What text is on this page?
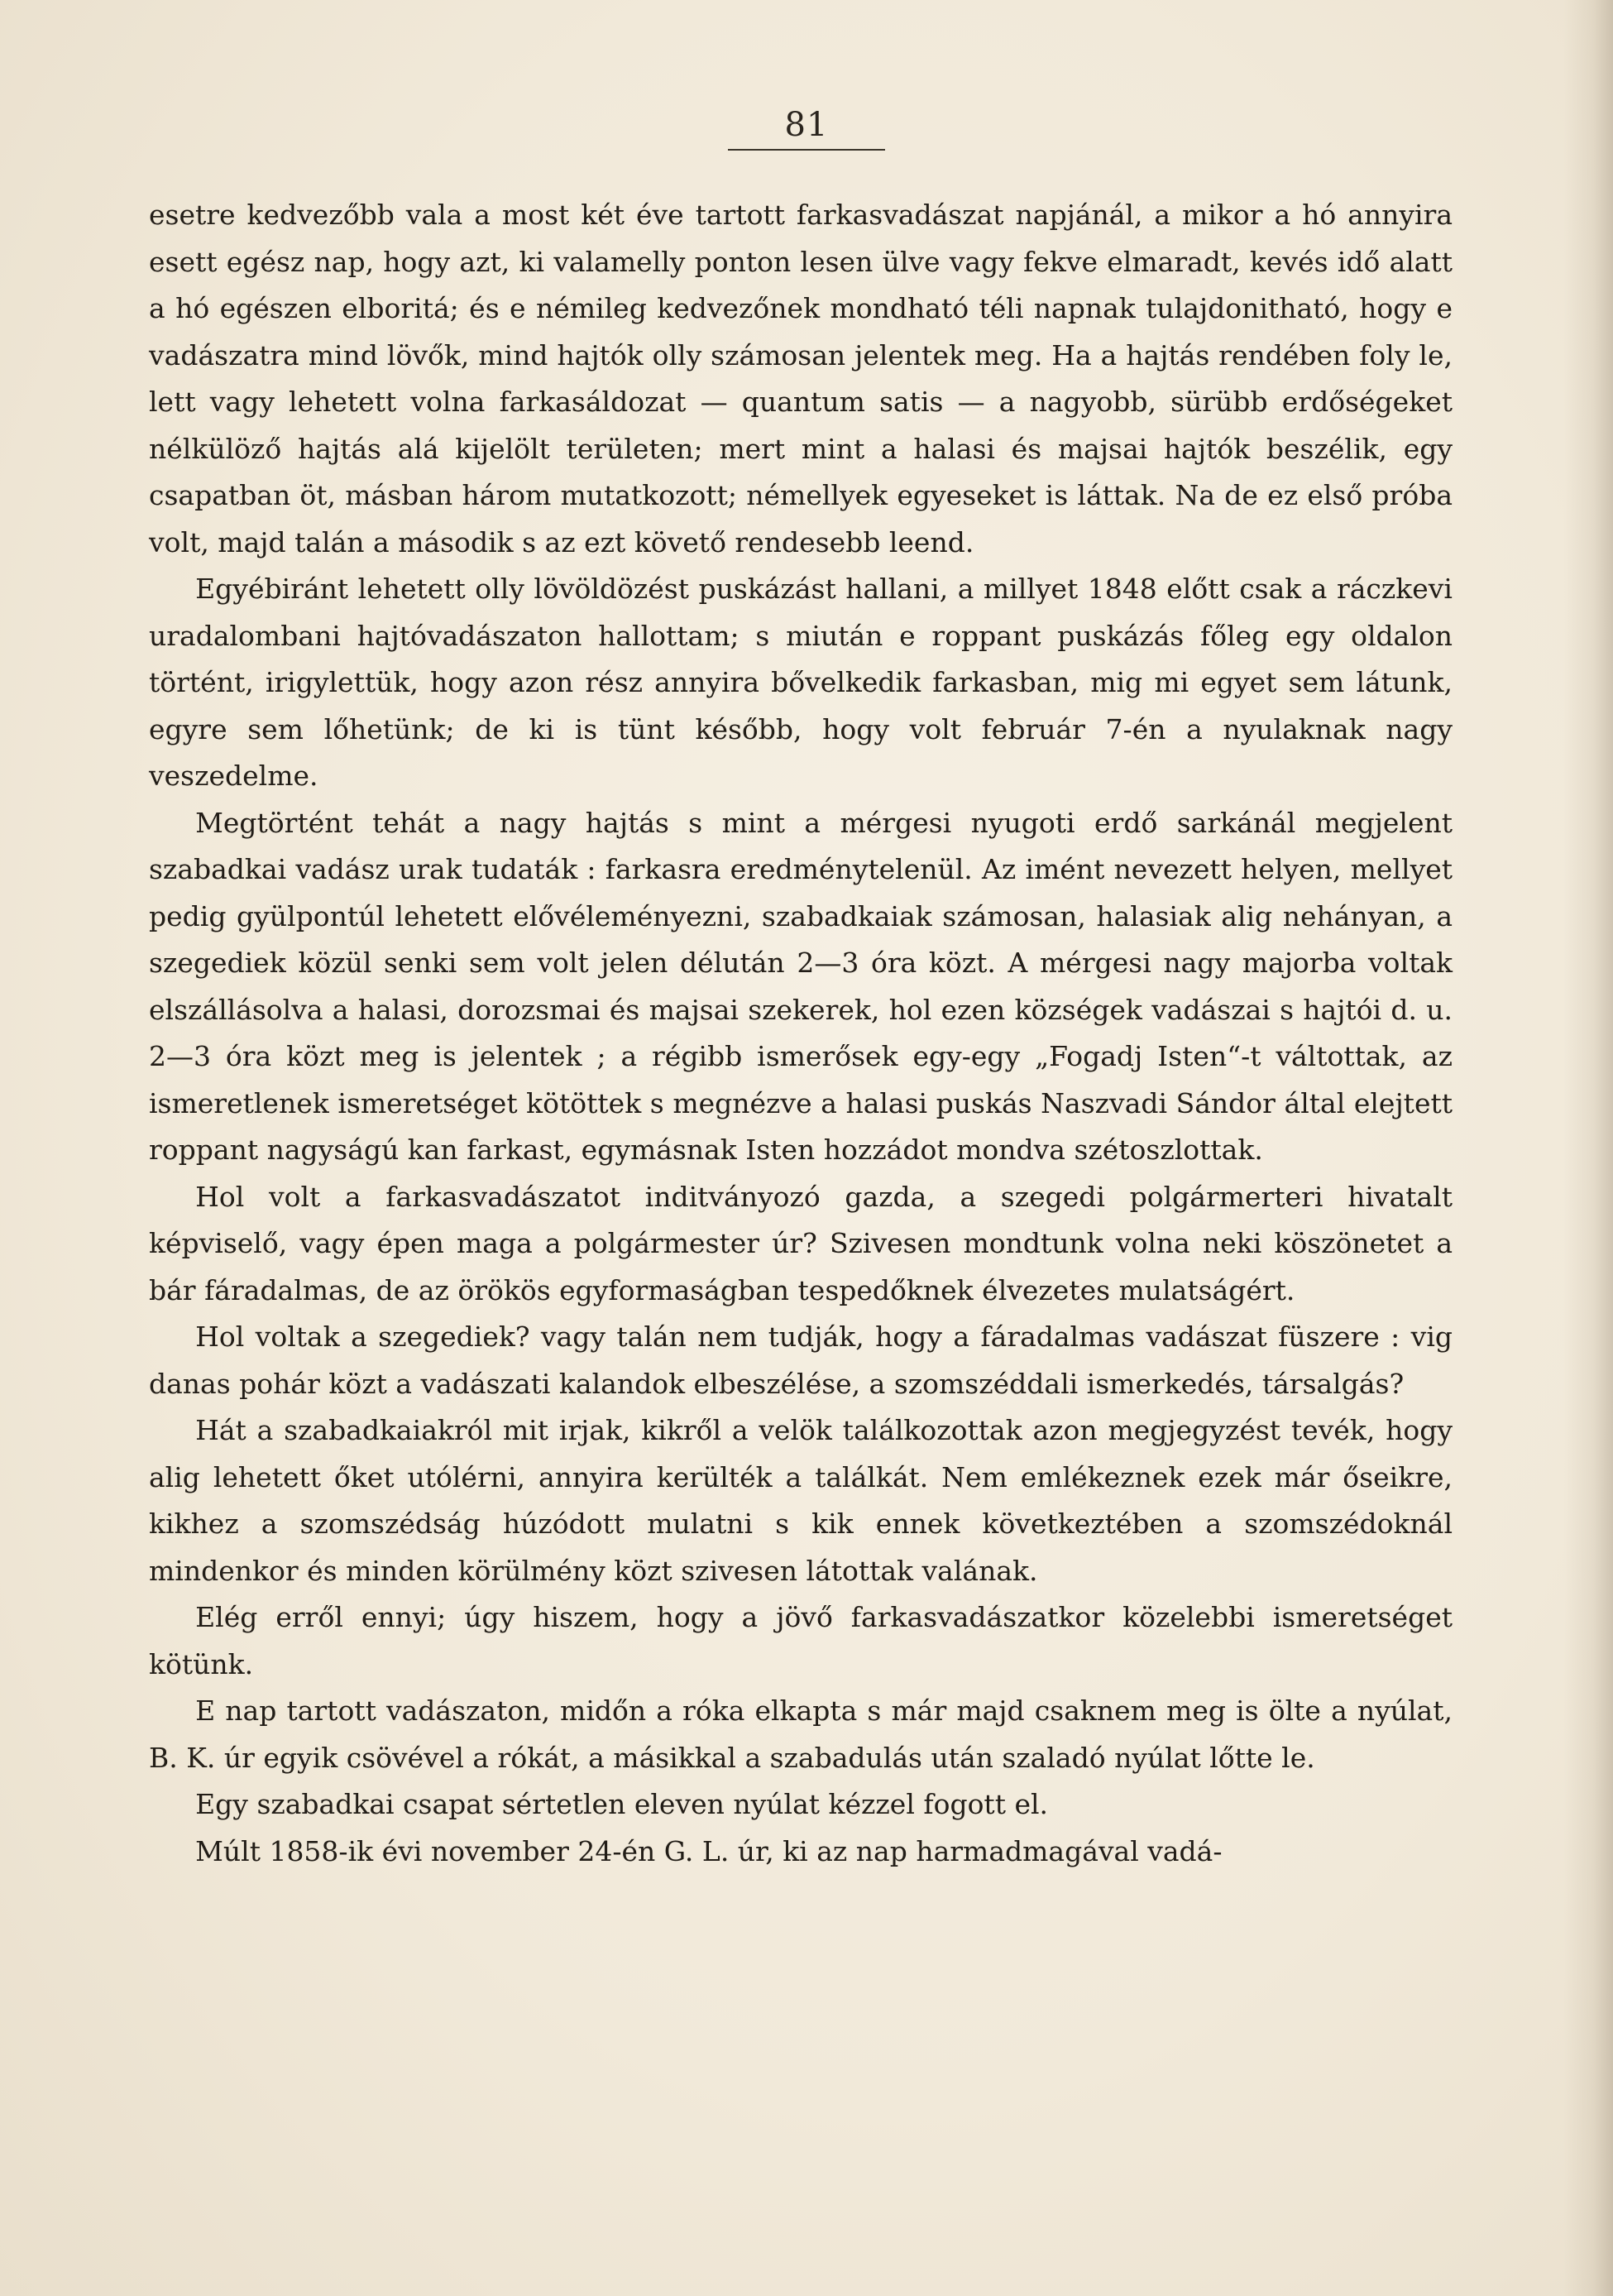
81

esetre kedvezőbb vala a most két éve tartott farkasvadászat napjánál, a mikor a hó annyira esett egész nap, hogy azt, ki valamelly ponton lesen ülve vagy fekve elmaradt, kevés idő alatt a hó egészen elboritá; és e némileg kedvezőnek mondható téli napnak tulajdonitható, hogy e vadászatra mind lövők, mind hajtók olly számosan jelentek meg. Ha a hajtás rendében foly le, lett vagy lehetett volna farkasáldozat — quantum satis — a nagyobb, sürübb erdőségeket nélkülöző hajtás alá kijelölt területen; mert mint a halasi és majsai hajtók beszélik, egy csapatban öt, másban három mutatkozott; némellyek egyeseket is láttak. Na de ez első próba volt, majd talán a második s az ezt követő rendesebb leend.

Egyébiránt lehetett olly lövöldözést puskázást hallani, a millyet 1848 előtt csak a ráczkevi uradalombani hajtóvadászaton hallottam; s miután e roppant puskázás főleg egy oldalon történt, irigylettük, hogy azon rész annyira bővelkedik farkasban, mig mi egyet sem látunk, egyre sem lőhetünk; de ki is tünt később, hogy volt február 7-én a nyulaknak nagy veszedelme.

Megtörtént tehát a nagy hajtás s mint a mérgesi nyugoti erdő sarkánál megjelent szabadkai vadász urak tudaták : farkasra eredménytelenül. Az imént nevezett helyen, mellyet pedig gyülpontúl lehetett elővéleményezni, szabadkaiak számosan, halasiak alig nehányan, a szegediek közül senki sem volt jelen délután 2—3 óra közt. A mérgesi nagy majorba voltak elszállásolva a halasi, dorozsmai és majsai szekerek, hol ezen községek vadászai s hajtói d. u. 2—3 óra közt meg is jelentek ; a régibb ismerősek egy-egy „Fogadj Isten“-t váltottak, az ismeretlenek ismeretséget kötöttek s megnézve a halasi puskás Naszvadi Sándor által elejtett roppant nagyságú kan farkast, egymásnak Isten hozzádot mondva szétoszlottak.

Hol volt a farkasvadászatot inditványozó gazda, a szegedi polgármerteri hivatalt képviselő, vagy épen maga a polgármester úr? Szivesen mondtunk volna neki köszönetet a bár fáradalmas, de az örökös egyformaságban tespedőknek élvezetes mulatságért.

Hol voltak a szegediek? vagy talán nem tudják, hogy a fáradalmas vadászat füszere : vig danas pohár közt a vadászati kalandok elbeszélése, a szomszéddali ismerkedés, társalgás?

Hát a szabadkaiakról mit irjak, kikről a velök találkozottak azon megjegyzést tevék, hogy alig lehetett őket utólérni, annyira kerülték a találkát. Nem emlékeznek ezek már őseikre, kikhez a szomszédság húzódott mulatni s kik ennek következtében a szomszédoknál mindenkor és minden körülmény közt szivesen látottak valának.

Elég erről ennyi; úgy hiszem, hogy a jövő farkasvadászatkor közelebbi ismeretséget kötünk.

E nap tartott vadászaton, midőn a róka elkapta s már majd csaknem meg is ölte a nyúlat, B. K. úr egyik csövével a rókát, a másikkal a szabadulás után szaladó nyúlat lőtte le.

Egy szabadkai csapat sértetlen eleven nyúlat kézzel fogott el.

Múlt 1858-ik évi november 24-én G. L. úr, ki az nap harmadmagával vadá-
